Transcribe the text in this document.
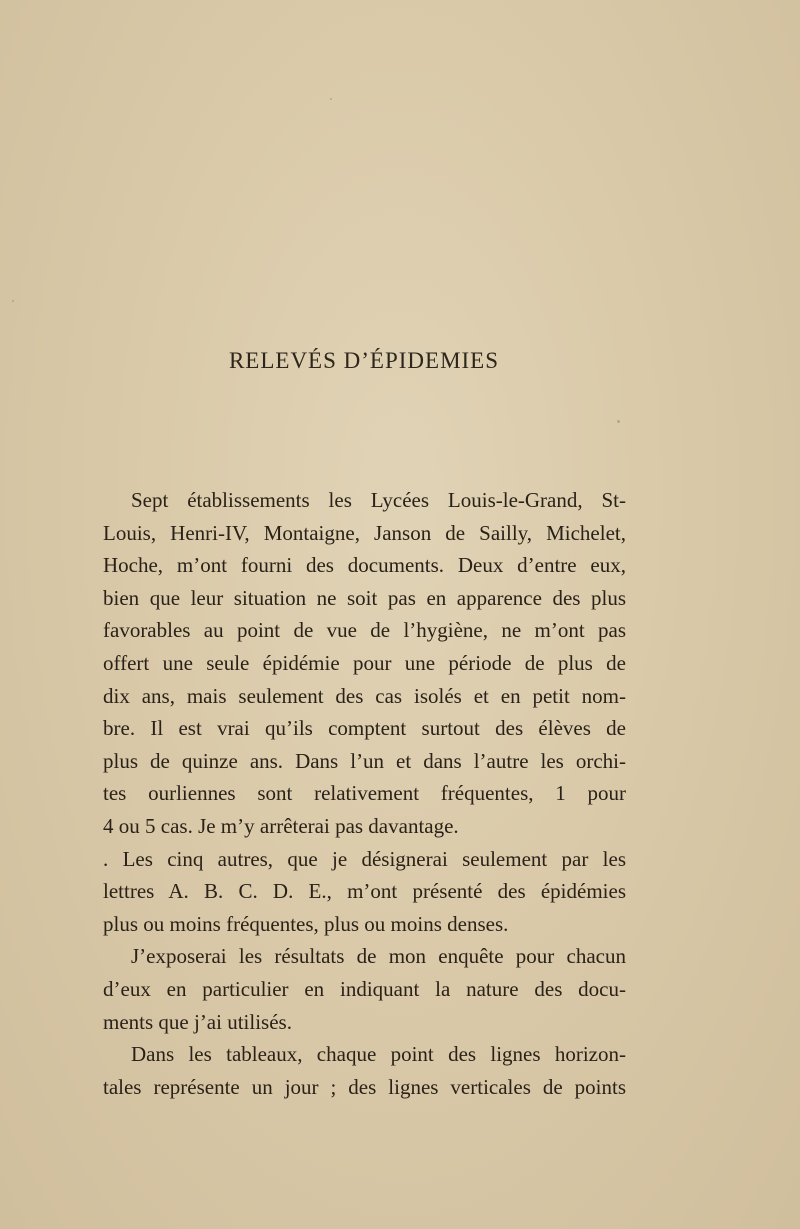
RELEVÉS D’ÉPIDEMIES
Sept établissements les Lycées Louis-le-Grand, St-
Louis, Henri-IV, Montaigne, Janson de Sailly, Michelet,
Hoche, m’ont fourni des documents. Deux d’entre eux,
bien que leur situation ne soit pas en apparence des plus
favorables au point de vue de l’hygiène, ne m’ont pas
offert une seule épidémie pour une période de plus de
dix ans, mais seulement des cas isolés et en petit nom-
bre. Il est vrai qu’ils comptent surtout des élèves de
plus de quinze ans. Dans l’un et dans l’autre les orchi-
tes ourliennes sont relativement fréquentes, 1 pour
4 ou 5 cas. Je m’y arrêterai pas davantage.
. Les cinq autres, que je désignerai seulement par les
lettres A. B. C. D. E., m’ont présenté des épidémies
plus ou moins fréquentes, plus ou moins denses.
J’exposerai les résultats de mon enquête pour chacun
d’eux en particulier en indiquant la nature des docu-
ments que j’ai utilisés.
Dans les tableaux, chaque point des lignes horizon-
tales représente un jour ; des lignes verticales de points
